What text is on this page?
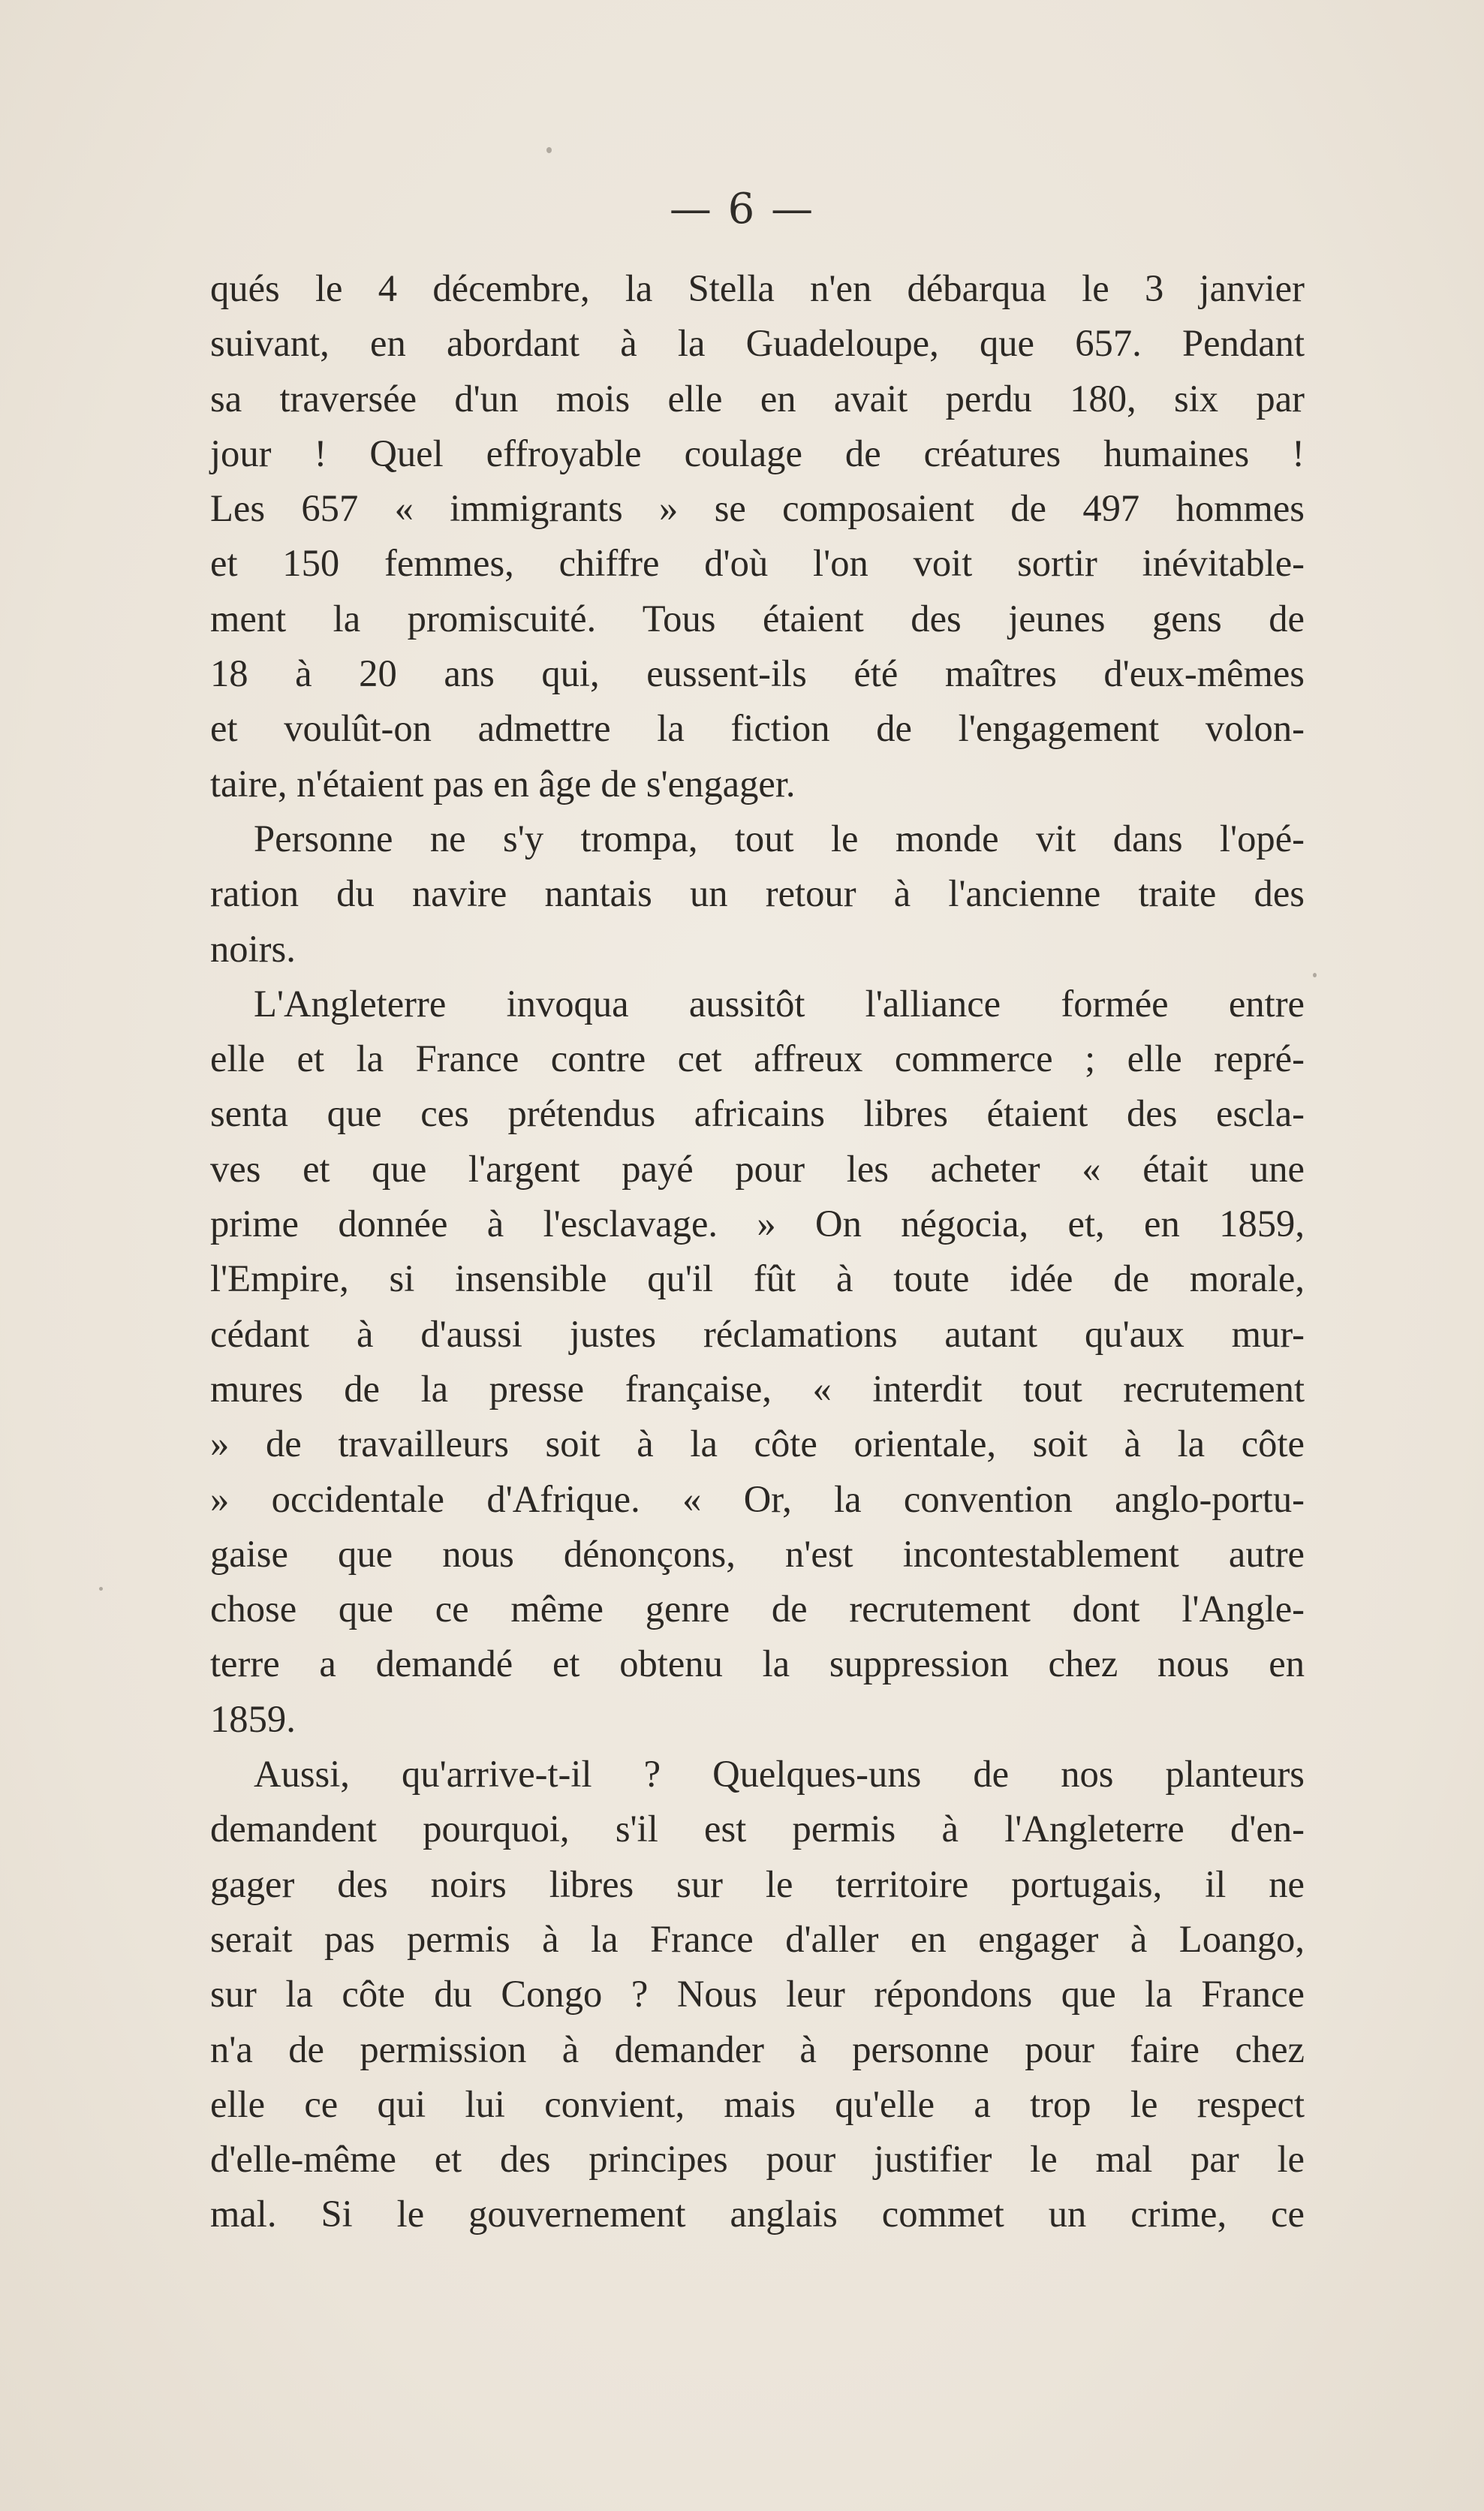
— 6 —
qués le 4 décembre, la Stella n'en débarqua le 3 janvier
suivant, en abordant à la Guadeloupe, que 657. Pendant
sa traversée d'un mois elle en avait perdu 180, six par
jour ! Quel effroyable coulage de créatures humaines !
Les 657 « immigrants » se composaient de 497 hommes
et 150 femmes, chiffre d'où l'on voit sortir inévitable-
ment la promiscuité. Tous étaient des jeunes gens de
18 à 20 ans qui, eussent-ils été maîtres d'eux-mêmes
et voulût-on admettre la fiction de l'engagement volon-
taire, n'étaient pas en âge de s'engager.
Personne ne s'y trompa, tout le monde vit dans l'opé-
ration du navire nantais un retour à l'ancienne traite des
noirs.
L'Angleterre invoqua aussitôt l'alliance formée entre
elle et la France contre cet affreux commerce ; elle repré-
senta que ces prétendus africains libres étaient des escla-
ves et que l'argent payé pour les acheter « était une
prime donnée à l'esclavage. » On négocia, et, en 1859,
l'Empire, si insensible qu'il fût à toute idée de morale,
cédant à d'aussi justes réclamations autant qu'aux mur-
mures de la presse française, « interdit tout recrutement
» de travailleurs soit à la côte orientale, soit à la côte
» occidentale d'Afrique. « Or, la convention anglo-portu-
gaise que nous dénonçons, n'est incontestablement autre
chose que ce même genre de recrutement dont l'Angle-
terre a demandé et obtenu la suppression chez nous en
1859.
Aussi, qu'arrive-t-il ? Quelques-uns de nos planteurs
demandent pourquoi, s'il est permis à l'Angleterre d'en-
gager des noirs libres sur le territoire portugais, il ne
serait pas permis à la France d'aller en engager à Loango,
sur la côte du Congo ? Nous leur répondons que la France
n'a de permission à demander à personne pour faire chez
elle ce qui lui convient, mais qu'elle a trop le respect
d'elle-même et des principes pour justifier le mal par le
mal. Si le gouvernement anglais commet un crime, ce
